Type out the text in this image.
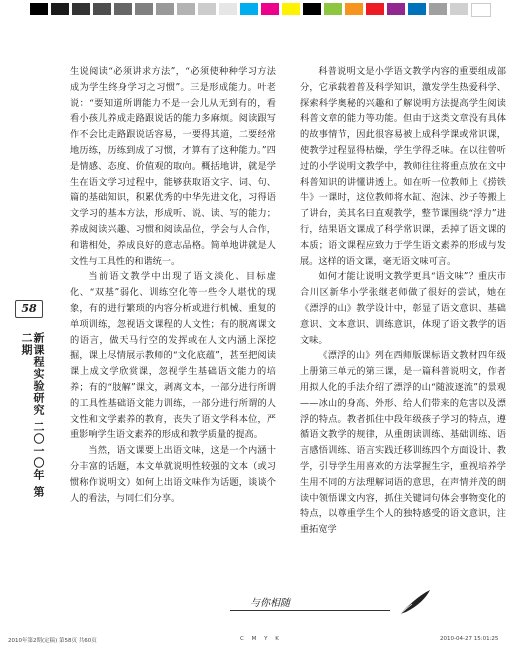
58
新课程实验研究 二〇一〇年 第二期

生说阅读“必须讲求方法”，“必须使种种学习方法成为学生终身学习之习惯”。三是形成能力。叶老说：“要知道所谓能力不是一会儿从无到有的，看看小孩儿养成走路跟说话的能力多麻烦。阅读跟写作不会比走路跟说话容易，一要得其道，二要经常地历练，历练到成了习惯，才算有了这种能力。”四是情感、态度、价值观的取向。概括地讲，就是学生在语文学习过程中，能够获取语文字、词、句、篇的基础知识，积累优秀的中华先进文化，习得语文学习的基本方法，形成听、说、读、写的能力；养成阅读兴趣、习惯和阅读品位，学会与人合作，和谐相处，养成良好的意志品格。简单地讲就是人文性与工具性的和谐统一。

当前语文教学中出现了语文淡化、目标虚化、“双基”弱化、训练空化等一些令人堪忧的现象，有的进行繁琐的内容分析或进行机械、重复的单项训练，忽视语文课程的人文性；有的脱离课文的语言，做天马行空的发挥或在人文内涵上深挖掘，课上尽情展示教师的“文化底蕴”，甚至把阅读课上成文学欣赏课，忽视学生基础语文能力的培养；有的“肢解”课文，剥离文本，一部分进行所谓的工具性基础语文能力训练，一部分进行所谓的人文性和文学素养的教育，丧失了语文学科本位，严重影响学生语文素养的形成和教学质量的提高。

当然，语文课要上出语文味，这是一个内涵十分丰富的话题，本文单就说明性较强的文本（或习惯称作说明文）如何上出语文味作为话题，谈谈个人的看法，与同仁们分享。

科普说明文是小学语文教学内容的重要组成部分，它承载着普及科学知识，激发学生热爱科学、探索科学奥秘的兴趣和了解说明方法提高学生阅读科普文章的能力等功能。但由于这类文章没有具体的故事情节，因此很容易被上成科学课或常识课，使教学过程显得枯燥，学生学得乏味。在以往曾听过的小学说明文教学中，教师往往将重点放在文中科普知识的讲懂讲透上。如在听一位教师上《捞铁牛》一课时，这位教师将水缸、泡沫、沙子等搬上了讲台，美其名曰直观教学，整节课围绕“浮力”进行，结果语文课成了科学常识课，丢掉了语文课的本质；语文课程应致力于学生语文素养的形成与发展。这样的语文课，毫无语文味可言。

如何才能让说明文教学更具“语文味”？重庆市合川区新华小学张继老师做了很好的尝试，她在《漂浮的山》教学设计中，彰显了语文意识、基础意识、文本意识、训练意识，体现了语文教学的语文味。

《漂浮的山》列在西师版课标语文教材四年级上册第三单元的第三课，是一篇科普说明文，作者用拟人化的手法介绍了漂浮的山“随波逐流”的景观——冰山的身高、外形、给人们带来的危害以及漂浮的特点。教者抓住中段年级孩子学习的特点，遵循语文教学的规律，从重朗读训练、基础训练、语言感悟训练、语言实践迁移训练四个方面设计、教学，引导学生用喜欢的方法掌握生字，重视培养学生用不同的方法理解词语的意思，在声情并茂的朗读中领悟课文内容，抓住关键词句体会事物变化的特点，以尊重学生个人的独特感受的语文意识，注重拓宽学

与你相随
2010年第2期(定稿) 第58页 共60页	C M Y K	2010-04-27 15:01:25
